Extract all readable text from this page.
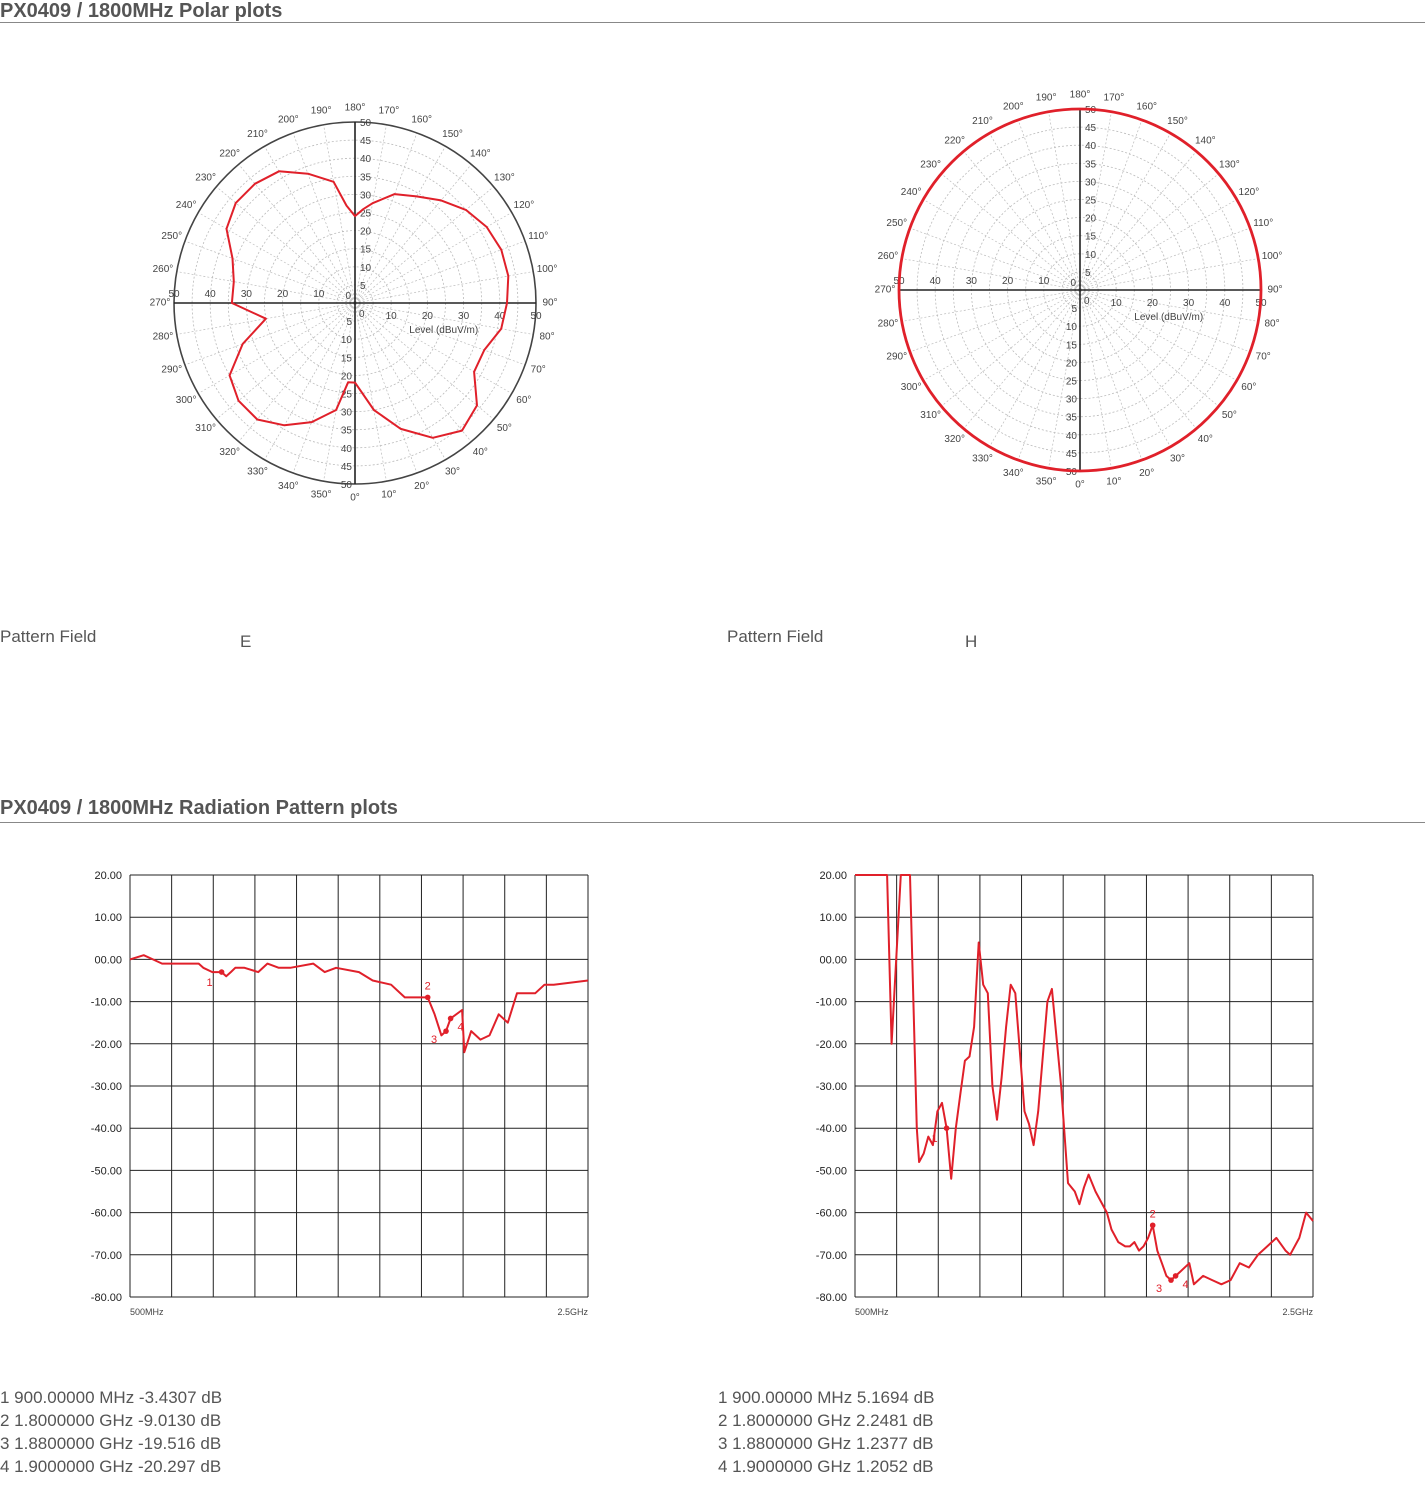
PX0409 / 1800MHz Polar plots
0° 10°
20°
30°
40°
50°
60°
70°
80°
90°
100°
110°
120°
130°
140°
150°
160°
170°
180°
190°
200°
210°
220°
230°
240°
250°
260°
270°
280°
290°
300°
310°
320°
330°
340°
350°
5
5
10
10
15
15
20
20
25
25
30
30
35
35
40
40
45
45
50
50
10
10
20
20
30
30
40
40
50
50
0
0
Level (dBuV/m)
Pattern Field	E
0° 10°
20°
30°
40°
50°
60°
70°
80°
90°
100°
110°
120°
130°
140°
150°
160°
170°
180°
190°
200°
210°
220°
230°
240°
250°
260°
270°
280°
290°
300°
310°
320°
330°
340°
350°
5
5
10
10
15
15
20
20
25
25
30
30
35
35
40
40
45
45
50
50
10
10
20
20
30
30
40
40
50
50
0
0
Level (dBuV/m)
Pattern Field	H
PX0409 / 1800MHz Radiation Pattern plots
20.00
10.00
00.00
-10.00
-20.00
-30.00
-40.00
-50.00
-60.00
-70.00
-80.00
500MHz	2.5GHz
1	2
3
4
20.00
10.00
00.00
-10.00
-20.00
-30.00
-40.00
-50.00
-60.00
-70.00
-80.00
500MHz	2.5GHz
1
2
3 4
1 900.00000 MHz -3.4307 dB
2 1.8000000 GHz -9.0130 dB
3 1.8800000 GHz -19.516 dB
4 1.9000000 GHz -20.297 dB
1 900.00000 MHz 5.1694 dB
2 1.8000000 GHz 2.2481 dB
3 1.8800000 GHz 1.2377 dB
4 1.9000000 GHz 1.2052 dB
